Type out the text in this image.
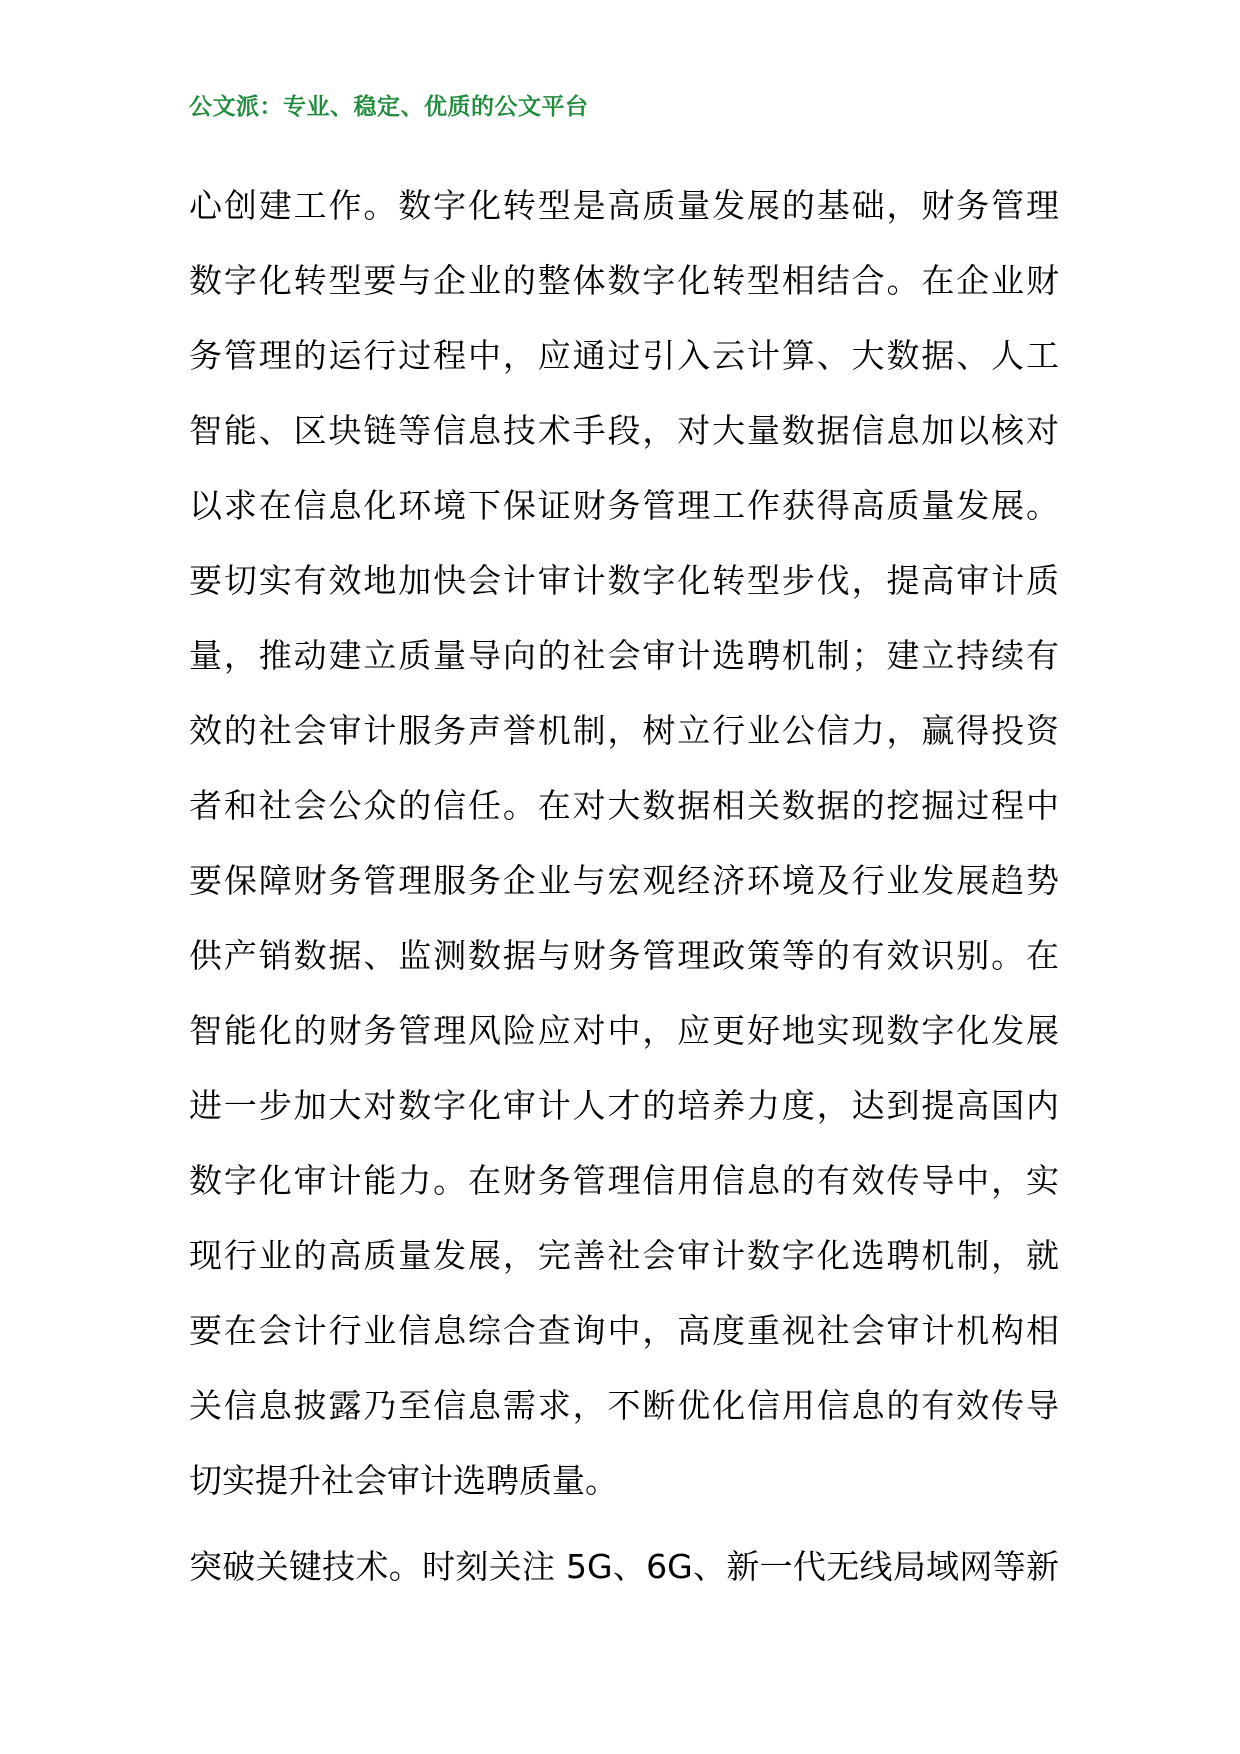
公文派：专业、稳定、优质的公文平台

心创建工作。数字化转型是高质量发展的基础，财务管理
数字化转型要与企业的整体数字化转型相结合。在企业财
务管理的运行过程中，应通过引入云计算、大数据、人工
智能、区块链等信息技术手段，对大量数据信息加以核对
以求在信息化环境下保证财务管理工作获得高质量发展。
要切实有效地加快会计审计数字化转型步伐，提高审计质
量，推动建立质量导向的社会审计选聘机制；建立持续有
效的社会审计服务声誉机制，树立行业公信力，赢得投资
者和社会公众的信任。在对大数据相关数据的挖掘过程中
要保障财务管理服务企业与宏观经济环境及行业发展趋势
供产销数据、监测数据与财务管理政策等的有效识别。在
智能化的财务管理风险应对中，应更好地实现数字化发展
进一步加大对数字化审计人才的培养力度，达到提高国内
数字化审计能力。在财务管理信用信息的有效传导中，实
现行业的高质量发展，完善社会审计数字化选聘机制，就
要在会计行业信息综合查询中，高度重视社会审计机构相
关信息披露乃至信息需求，不断优化信用信息的有效传导
切实提升社会审计选聘质量。

突破关键技术。时刻关注 5G、6G、新一代无线局域网等新
